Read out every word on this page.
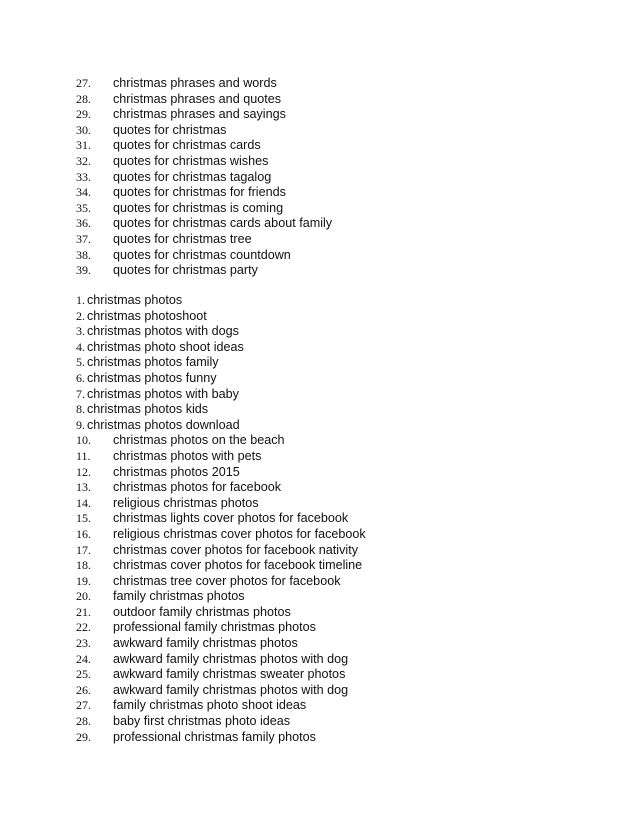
27. christmas phrases and words
28. christmas phrases and quotes
29. christmas phrases and sayings
30. quotes for christmas
31. quotes for christmas cards
32. quotes for christmas wishes
33. quotes for christmas tagalog
34. quotes for christmas for friends
35. quotes for christmas is coming
36. quotes for christmas cards about family
37. quotes for christmas tree
38. quotes for christmas countdown
39. quotes for christmas party
1. christmas photos
2. christmas photoshoot
3. christmas photos with dogs
4. christmas photo shoot ideas
5. christmas photos family
6. christmas photos funny
7. christmas photos with baby
8. christmas photos kids
9. christmas photos download
10. christmas photos on the beach
11. christmas photos with pets
12. christmas photos 2015
13. christmas photos for facebook
14. religious christmas photos
15. christmas lights cover photos for facebook
16. religious christmas cover photos for facebook
17. christmas cover photos for facebook nativity
18. christmas cover photos for facebook timeline
19. christmas tree cover photos for facebook
20. family christmas photos
21. outdoor family christmas photos
22. professional family christmas photos
23. awkward family christmas photos
24. awkward family christmas photos with dog
25. awkward family christmas sweater photos
26. awkward family christmas photos with dog
27. family christmas photo shoot ideas
28. baby first christmas photo ideas
29. professional christmas family photos
